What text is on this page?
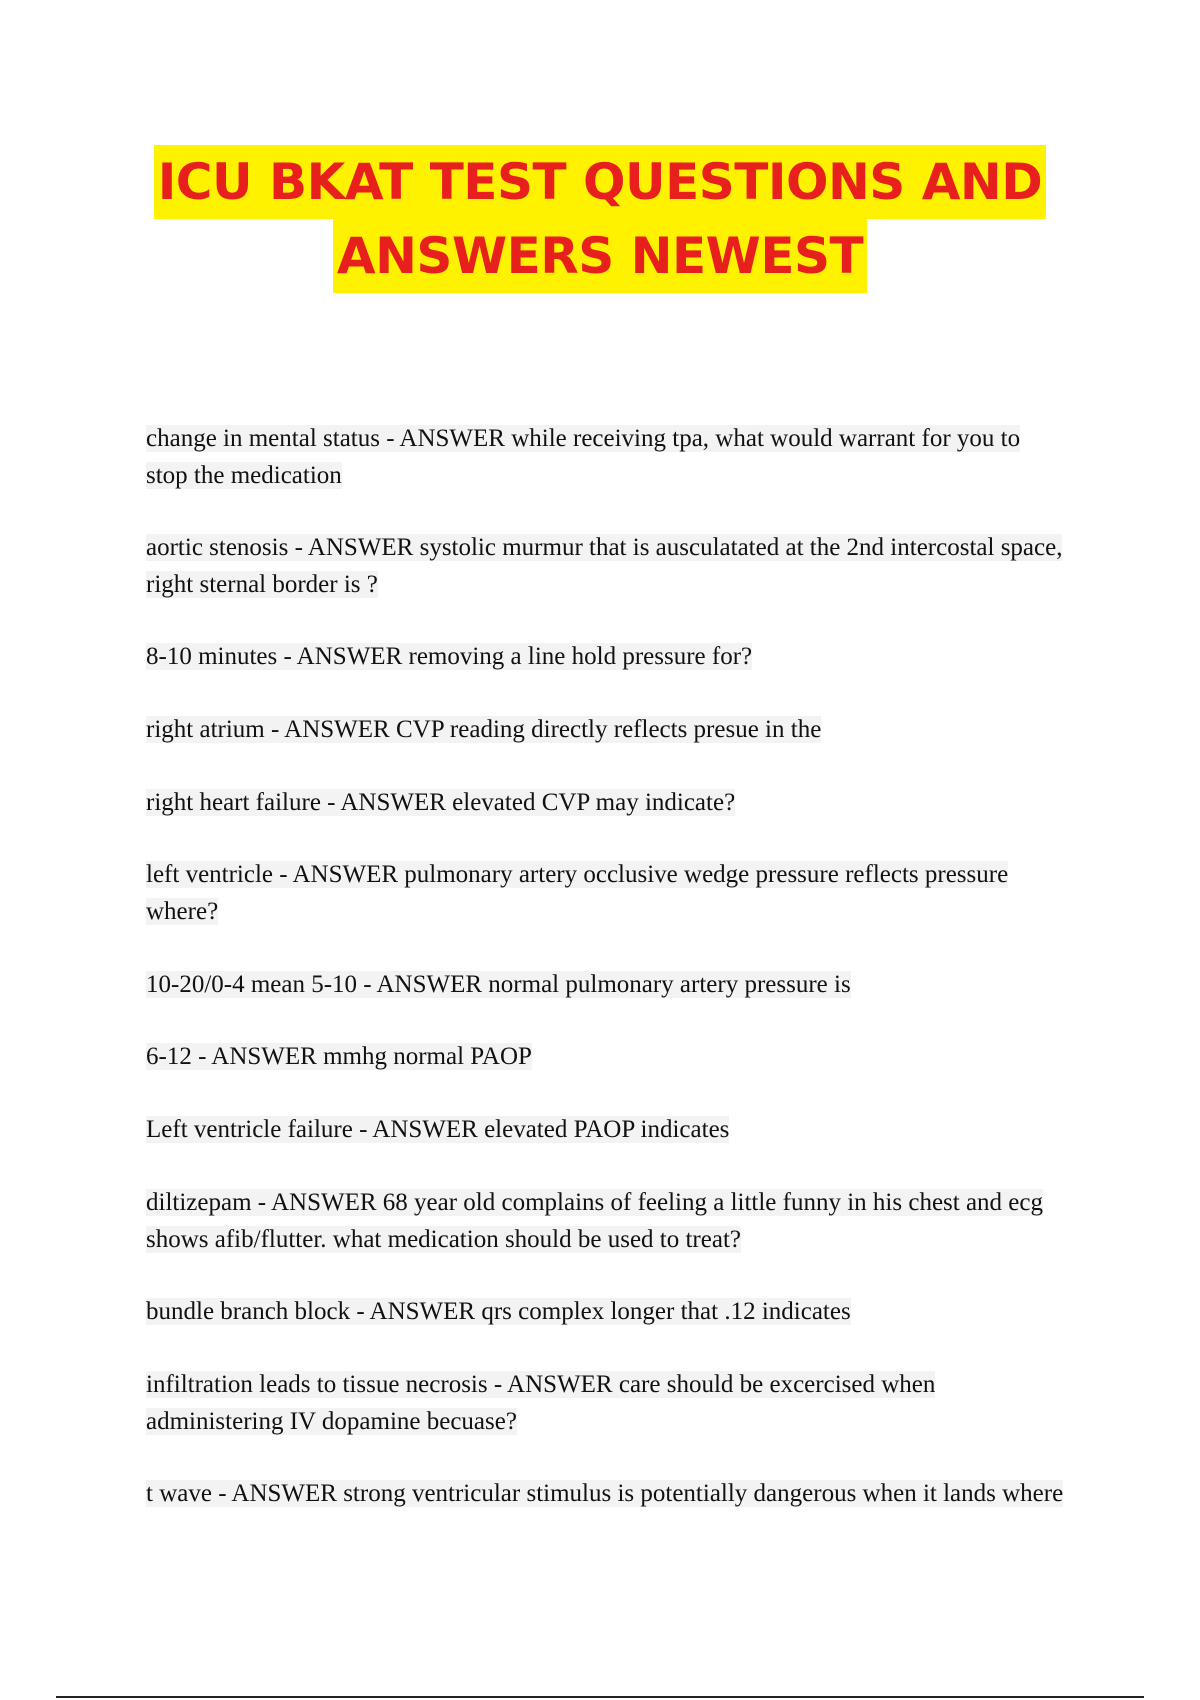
ICU BKAT TEST QUESTIONS AND
ANSWERS NEWEST
change in mental status - ANSWER while receiving tpa, what would warrant for you to stop the medication
aortic stenosis - ANSWER systolic murmur that is ausculatated at the 2nd intercostal space, right sternal border is ?
8-10 minutes - ANSWER removing a line hold pressure for?
right atrium - ANSWER CVP reading directly reflects presue in the
right heart failure - ANSWER elevated CVP may indicate?
left ventricle - ANSWER pulmonary artery occlusive wedge pressure reflects pressure where?
10-20/0-4 mean 5-10 - ANSWER normal pulmonary artery pressure is
6-12 - ANSWER mmhg normal PAOP
Left ventricle failure - ANSWER elevated PAOP indicates
diltizepam - ANSWER 68 year old complains of feeling a little funny in his chest and ecg shows afib/flutter. what medication should be used to treat?
bundle branch block - ANSWER qrs complex longer that .12 indicates
infiltration leads to tissue necrosis - ANSWER care should be excercised when administering IV dopamine becuase?
t wave - ANSWER strong ventricular stimulus is potentially dangerous when it lands where
